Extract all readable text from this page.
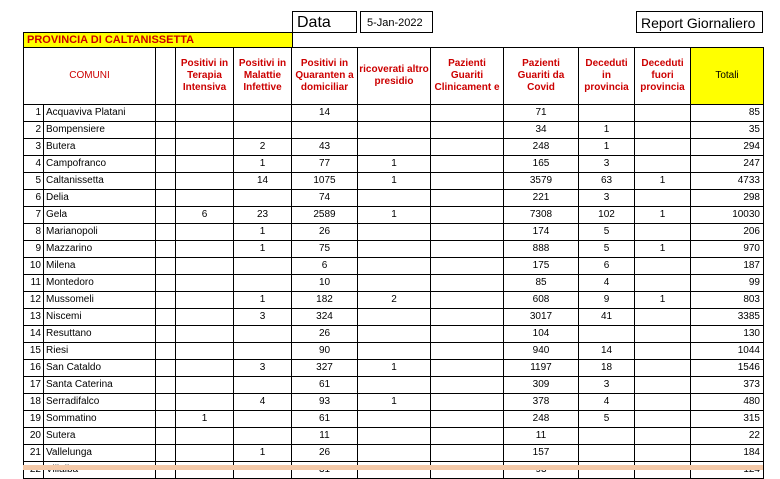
Data	5-Jan-2022	Report Giornaliero
PROVINCIA DI CALTANISSETTA
COMUNI			Positivi in Terapia Intensiva	Positivi in Malattie Infettive	Positivi in Quaranten a domiciliar	ricoverati altro presidio	Pazienti Guariti Clinicament e	Pazienti Guariti da Covid	Deceduti in provincia	Deceduti fuori provincia	Totali
1	Acquaviva Platani				14			71			85
2	Bompensiere							34	1		35
3	Butera			2	43			248	1		294
4	Campofranco			1	77	1		165	3		247
5	Caltanissetta			14	1075	1		3579	63	1	4733
6	Delia				74			221	3		298
7	Gela		6	23	2589	1		7308	102	1	10030
8	Marianopoli			1	26			174	5		206
9	Mazzarino			1	75			888	5	1	970
10	Milena				6			175	6		187
11	Montedoro				10			85	4		99
12	Mussomeli			1	182	2		608	9	1	803
13	Niscemi			3	324			3017	41		3385
14	Resuttano				26			104			130
15	Riesi				90			940	14		1044
16	San Cataldo			3	327	1		1197	18		1546
17	Santa Caterina				61			309	3		373
18	Serradifalco			4	93	1		378	4		480
19	Sommatino		1		61			248	5		315
20	Sutera				11			11			22
21	Vallelunga			1	26			157			184
